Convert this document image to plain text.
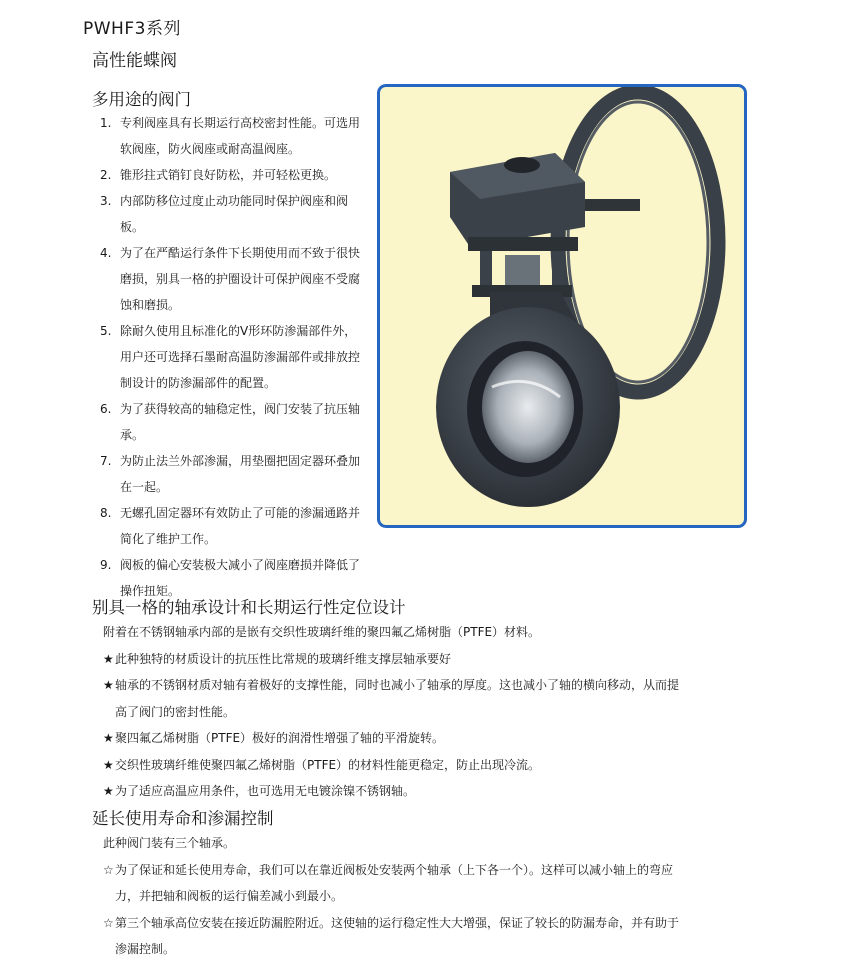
PWHF3系列
高性能蝶阀
多用途的阀门
1. 专利阀座具有长期运行高校密封性能。可选用软阀座，防火阀座或耐高温阀座。
2. 锥形拄式销钉良好防松，并可轻松更换。
3. 内部防移位过度止动功能同时保护阀座和阀板。
4. 为了在严酷运行条件下长期使用而不致于很快磨损，别具一格的护圈设计可保护阀座不受腐蚀和磨损。
5. 除耐久使用且标准化的V形环防渗漏部件外，用户还可选择石墨耐高温防渗漏部件或排放控制设计的防渗漏部件的配置。
6. 为了获得较高的轴稳定性，阀门安装了抗压轴承。
7. 为防止法兰外部渗漏，用垫圈把固定器环叠加在一起。
8. 无螺孔固定器环有效防止了可能的渗漏通路并简化了维护工作。
9. 阀板的偏心安装极大减小了阀座磨损并降低了操作扭矩。
别具一格的轴承设计和长期运行性定位设计
附着在不锈钢轴承内部的是嵌有交织性玻璃纤维的聚四氟乙烯树脂（PTFE）材料。
★ 此种独特的材质设计的抗压性比常规的玻璃纤维支撑层轴承要好
★ 轴承的不锈钢材质对轴有着极好的支撑性能，同时也减小了轴承的厚度。这也减小了轴的横向移动，从而提
高了阀门的密封性能。
★ 聚四氟乙烯树脂（PTFE）极好的润滑性增强了轴的平滑旋转。
★ 交织性玻璃纤维使聚四氟乙烯树脂（PTFE）的材料性能更稳定，防止出现冷流。
★ 为了适应高温应用条件，也可选用无电镀涂镍不锈钢轴。
延长使用寿命和渗漏控制
此种阀门装有三个轴承。
☆ 为了保证和延长使用寿命，我们可以在靠近阀板处安装两个轴承（上下各一个）。这样可以减小轴上的弯应
力，并把轴和阀板的运行偏差减小到最小。
☆ 第三个轴承高位安装在接近防漏腔附近。这使轴的运行稳定性大大增强，保证了较长的防漏寿命，并有助于
渗漏控制。
